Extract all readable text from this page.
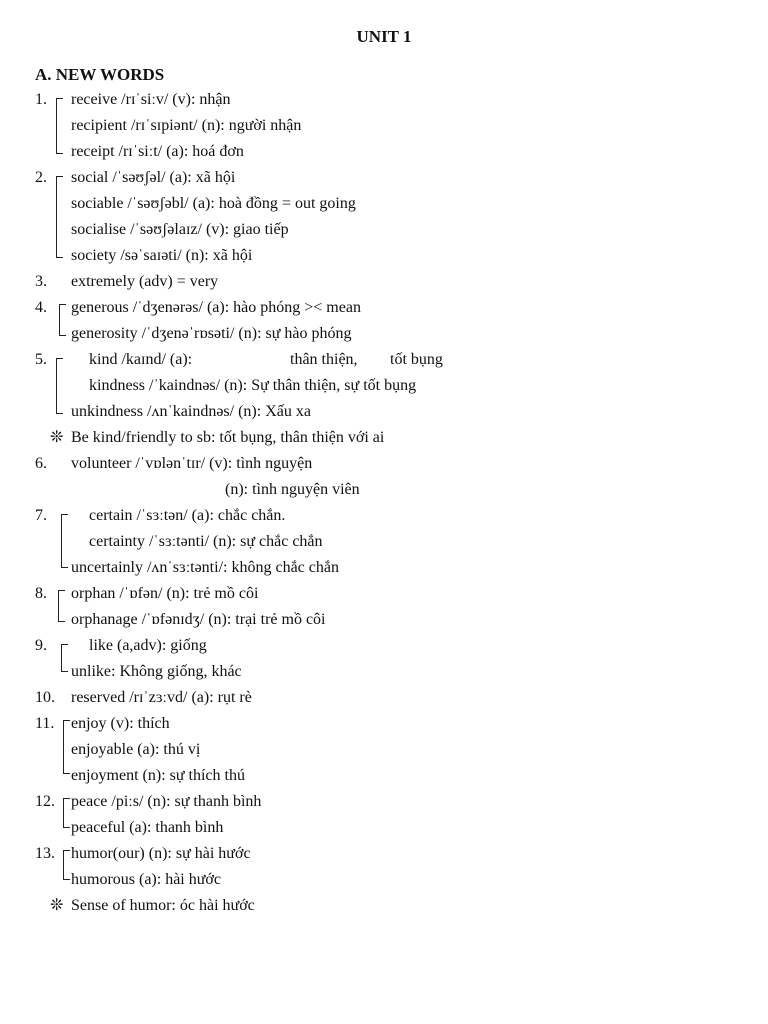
UNIT 1
A. NEW WORDS
1. receive /rɪˈsiːv/ (v): nhận
recipient /rɪˈsɪpiənt/ (n): người nhận
receipt /rɪˈsiːt/ (a): hoá đơn
2. social /ˈsəʊʃəl/ (a): xã hội
sociable /ˈsəʊʃəbl/ (a): hoà đồng = out going
socialise /ˈsəʊʃəlaɪz/ (v): giao tiếp
society /səˈsaɪəti/ (n): xã hội
3. extremely (adv) = very
4. generous /ˈdʒenərəs/ (a): hào phóng >< mean
generosity /ˈdʒenəˈrɒsəti/ (n): sự hào phóng
5.	kind /kaɪnd/ (a):	thân thiện, tốt bụng
kindness /ˈkaindnəs/ (n): Sự thân thiện, sự tốt bụng
unkindness /ʌnˈkaindnəs/ (n): Xấu xa
❊ Be kind/friendly to sb: tốt bụng, thân thiện với ai
6. volunteer /ˈvɒlənˈtɪr/ (v): tình nguyện
(n): tình nguyện viên
7.	certain /ˈsɜːtən/ (a): chắc chắn.
certainty /ˈsɜːtənti/ (n): sự chắc chắn
uncertainly /ʌnˈsɜːtənti/: không chắc chắn
8. orphan /ˈɒfən/ (n): trẻ mồ côi
orphanage /ˈɒfənɪdʒ/ (n): trại trẻ mồ côi
9.	like (a,adv): giống
unlike: Không giống, khác
10. reserved /rɪˈzɜːvd/ (a): rụt rè
11. enjoy (v): thích
enjoyable (a): thú vị
enjoyment (n): sự thích thú
12. peace /piːs/ (n): sự thanh bình
peaceful (a): thanh bình
13. humor(our) (n): sự hài hước
humorous (a): hài hước
❊ Sense of humor: óc hài hước
